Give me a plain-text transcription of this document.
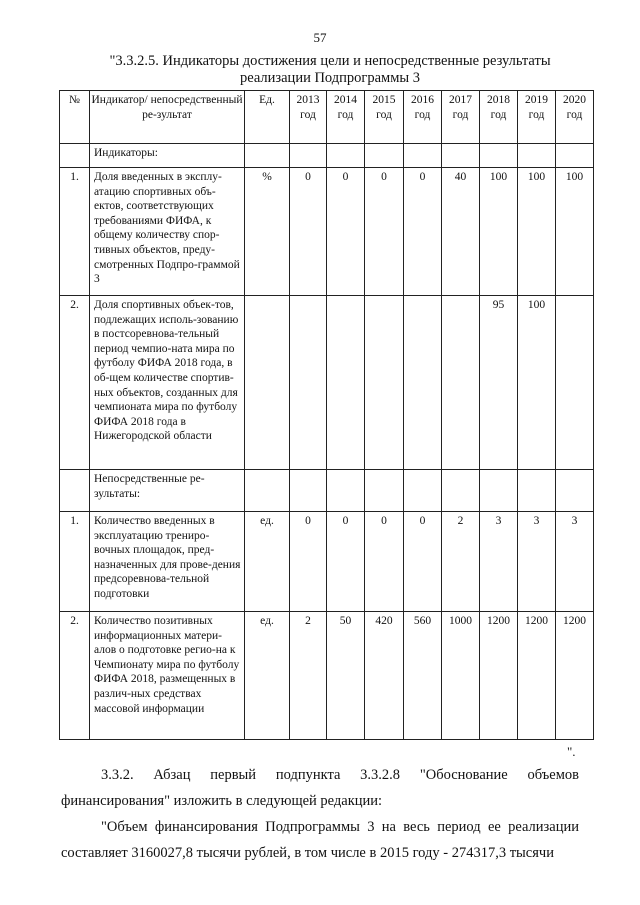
57
"3.3.2.5. Индикаторы достижения цели и непосредственные результаты
реализации Подпрограммы 3
№	Индикатор/ непосредственный ре-зультат	Ед.	2013 год	2014 год	2015 год	2016 год	2017 год	2018 год	2019 год	2020 год
	Индикаторы:									
1.	Доля введенных в эксплу-атацию спортивных объ-ектов, соответствующих требованиями ФИФА, к общему количеству спор-тивных объектов, преду-смотренных Подпро-граммой 3	%	0	0	0	0	40	100	100	100
2.	Доля спортивных объек-тов, подлежащих исполь-зованию в постсоревнова-тельный период чемпио-ната мира по футболу ФИФА 2018 года, в об-щем количестве спортив-ных объектов, созданных для чемпионата мира по футболу ФИФА 2018 года в Нижегородской области							95	100	
	Непосредственные ре-зультаты:									
1.	Количество введенных в эксплуатацию трениро-вочных площадок, пред-назначенных для прове-дения предсоревнова-тельной подготовки	ед.	0	0	0	0	2	3	3	3
2.	Количество позитивных информационных матери-алов о подготовке регио-на к Чемпионату мира по футболу ФИФА 2018, размещенных в различ-ных средствах массовой информации	ед.	2	50	420	560	1000	1200	1200	1200
".
3.3.2. Абзац первый подпункта 3.3.2.8 "Обоснование объемов финансирования" изложить в следующей редакции:
"Объем финансирования Подпрограммы 3 на весь период ее реализации составляет 3160027,8 тысячи рублей, в том числе в 2015 году - 274317,3 тысячи
